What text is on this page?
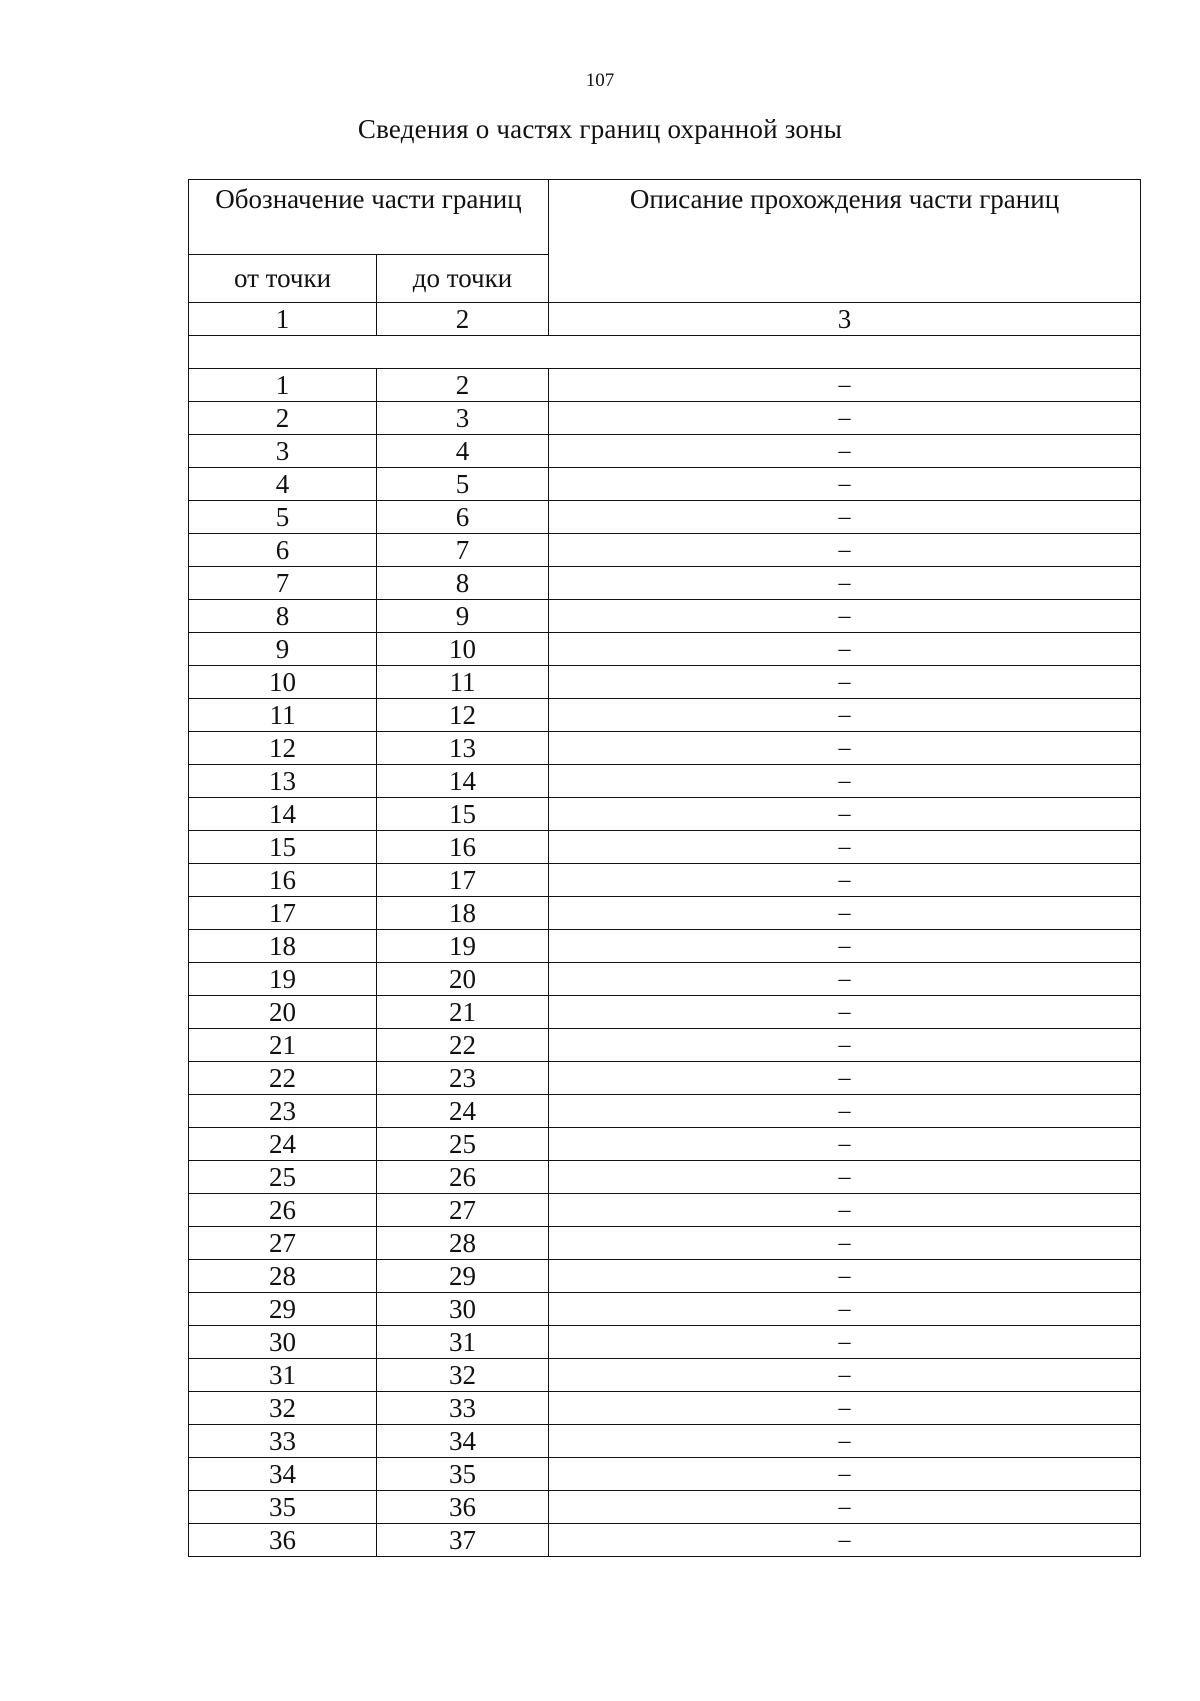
107
Сведения о частях границ охранной зоны
Обозначение части границ		Описание прохождения части границ
от точки	до точки	
1	2	3

1	2	–
2	3	–
3	4	–
4	5	–
5	6	–
6	7	–
7	8	–
8	9	–
9	10	–
10	11	–
11	12	–
12	13	–
13	14	–
14	15	–
15	16	–
16	17	–
17	18	–
18	19	–
19	20	–
20	21	–
21	22	–
22	23	–
23	24	–
24	25	–
25	26	–
26	27	–
27	28	–
28	29	–
29	30	–
30	31	–
31	32	–
32	33	–
33	34	–
34	35	–
35	36	–
36	37	–
